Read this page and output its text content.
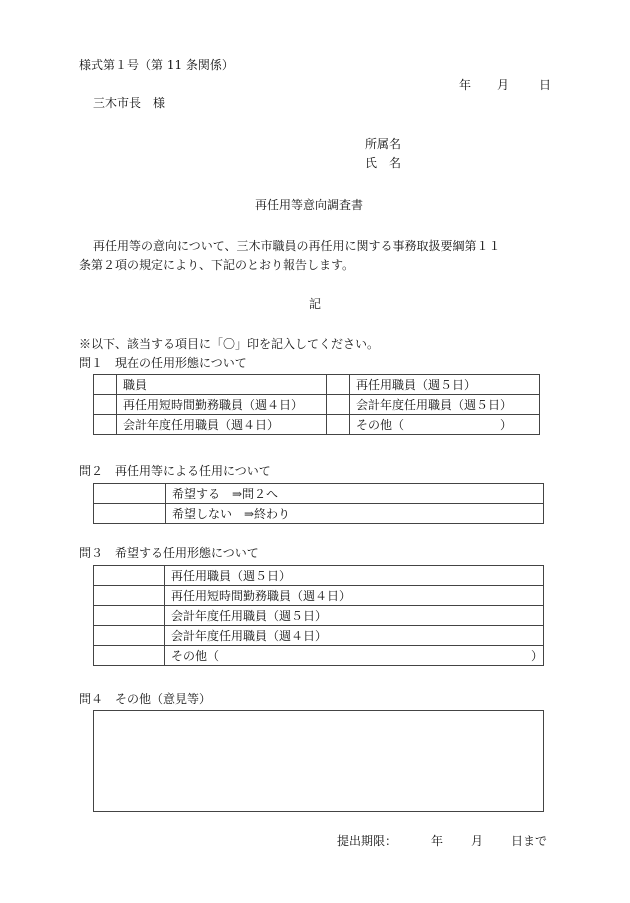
様式第１号（第 11 条関係）
年 月 日
三木市長　様
所属名
氏　名
再任用等意向調査書
再任用等の意向について、三木市職員の再任用に関する事務取扱要綱第１１
条第２項の規定により、下記のとおり報告します。
記
※以下、該当する項目に「〇」印を記入してください。
問１　現在の任用形態について
	職員		再任用職員（週５日）
	再任用短時間勤務職員（週４日）		会計年度任用職員（週５日）
	会計年度任用職員（週４日）		その他（　　　　　　　　）
問２　再任用等による任用について
	希望する　⇒問２へ
	希望しない　⇒終わり
問３　希望する任用形態について
	再任用職員（週５日）
	再任用短時間勤務職員（週４日）
	会計年度任用職員（週５日）
	会計年度任用職員（週４日）
	その他（　　　　　　　　　　　　　　　　　　　　　　　　　　）
問４　その他（意見等）
提出期限：	年 月 日まで
